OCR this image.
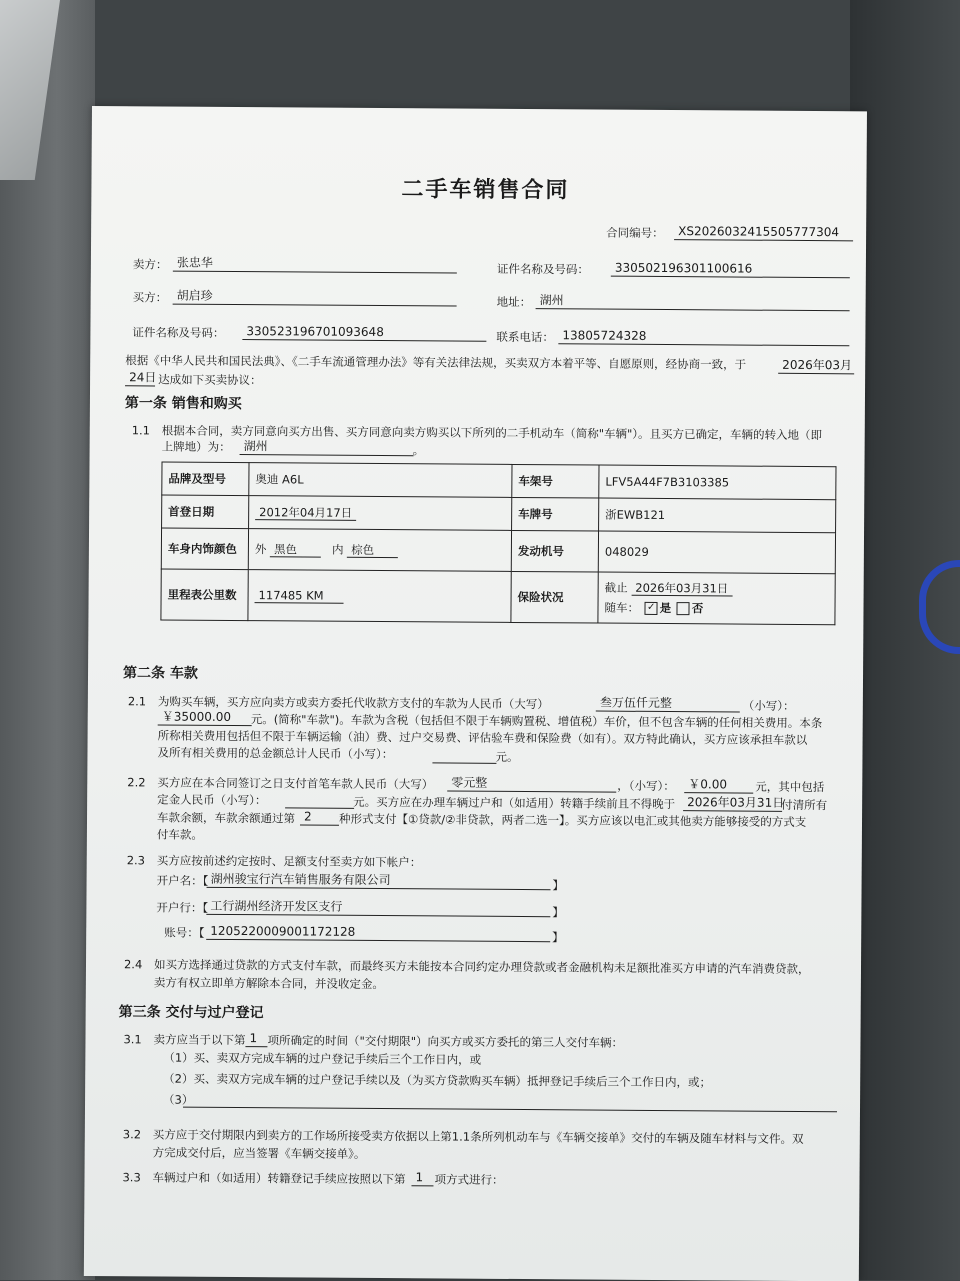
二手车销售合同
合同编号：	XS2026032415505777304
卖方： 张忠华	证件名称及号码：	330502196301100616
买方： 胡启珍	地址： 湖州
证件名称及号码：	330523196701093648	联系电话： 13805724328
根据《中华人民共和国民法典》、《二手车流通管理办法》等有关法律法规，买卖双方本着平等、自愿原则，经协商一致，于	2026年03月
24日 达成如下买卖协议：
第一条 销售和购买
1.1 根据本合同，卖方同意向买方出售、买方同意向卖方购买以下所列的二手机动车（简称"车辆"）。且买方已确定，车辆的转入地（即
上牌地）为：	湖州	。
品牌及型号	奥迪 A6L	车架号	LFV5A44F7B3103385
首登日期	2012年04月17日	车牌号	浙EWB121
车身内饰颜色	外 黑色 内 棕色	发动机号	048029
里程表公里数	117485 KM	保险状况	截止 2026年03月31日
随车： ✓ 是 否
第二条 车款
2.1 为购买车辆，买方应向卖方或卖方委托代收款方支付的车款为人民币（大写）	叁万伍仟元整	（小写）：
￥35000.00	元。(简称"车款")。车款为含税（包括但不限于车辆购置税、增值税）车价，但不包含车辆的任何相关费用。本条
所称相关费用包括但不限于车辆运输（油）费、过户交易费、评估验车费和保险费（如有）。双方特此确认，买方应该承担车款以
及所有相关费用的总金额总计人民币（小写）：	元。
2.2 买方应在本合同签订之日支付首笔车款人民币（大写）	零元整	，（小写）：	￥0.00	元，其中包括
定金人民币（小写）：	元。买方应在办理车辆过户和（如适用）转籍手续前且不得晚于 2026年03月31日
付清所有
车款余额，车款余额通过第 2	种形式支付【①贷款/②非贷款，两者二选一】。买方应该以电汇或其他卖方能够接受的方式支
付车款。
2.3 买方应按前述约定按时、足额支付至卖方如下帐户：
开户名：【 湖州骏宝行汽车销售服务有限公司	】
开户行：【 工行湖州经济开发区支行	】
账号：【 1205220009001172128	】
2.4 如买方选择通过贷款的方式支付车款，而最终买方未能按本合同约定办理贷款或者金融机构未足额批准买方申请的汽车消费贷款，
卖方有权立即单方解除本合同，并没收定金。
第三条 交付与过户登记
3.1 卖方应当于以下第 1 项所确定的时间（"交付期限"）向买方或买方委托的第三人交付车辆：
（1）买、卖双方完成车辆的过户登记手续后三个工作日内，或
（2）买、卖双方完成车辆的过户登记手续以及（为买方贷款购买车辆）抵押登记手续后三个工作日内，或；
（3）
3.2 买方应于交付期限内到卖方的工作场所接受卖方依据以上第1.1条所列机动车与《车辆交接单》交付的车辆及随车材料与文件。双
方完成交付后，应当签署《车辆交接单》。
3.3 车辆过户和（如适用）转籍登记手续应按照以下第 1 项方式进行：
